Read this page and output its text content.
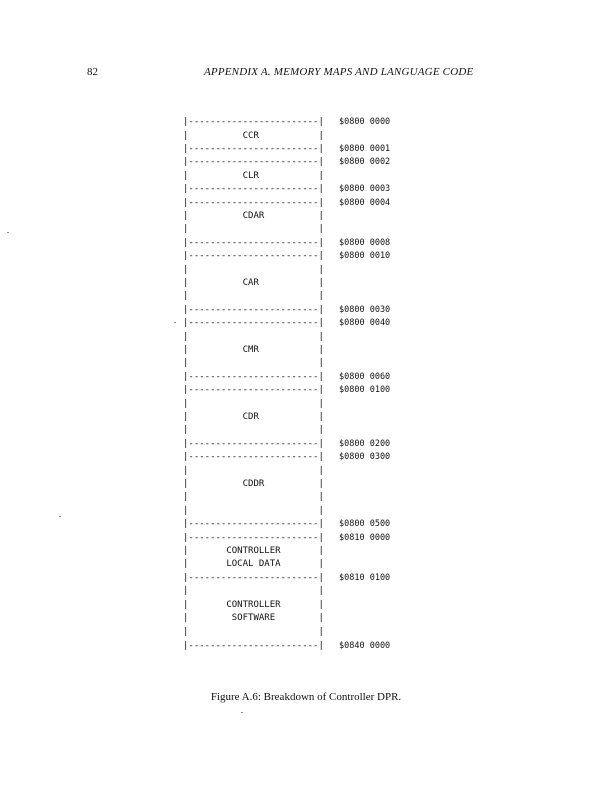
82	APPENDIX A. MEMORY MAPS AND LANGUAGE CODE
|------------------------|
|          CCR           |
|------------------------|
|------------------------|
|          CLR           |
|------------------------|
|------------------------|
|          CDAR          |
|                        |
|------------------------|
|------------------------|
|                        |
|          CAR           |
|                        |
|------------------------|
|------------------------|
|                        |
|          CMR           |
|                        |
|------------------------|
|------------------------|
|                        |
|          CDR           |
|                        |
|------------------------|
|------------------------|
|                        |
|          CDDR          |
|                        |
|                        |
|------------------------|
|------------------------|
|       CONTROLLER       |
|       LOCAL DATA       |
|------------------------|
|                        |
|       CONTROLLER       |
|        SOFTWARE        |
|                        |
|------------------------|
$0800 0000
$0800 0001
$0800 0002
$0800 0003
$0800 0004
$0800 0008
$0800 0010
$0800 0030
$0800 0040
$0800 0060
$0800 0100
$0800 0200
$0800 0300
$0800 0500
$0810 0000
$0810 0100
$0840 0000
Figure A.6: Breakdown of Controller DPR.
